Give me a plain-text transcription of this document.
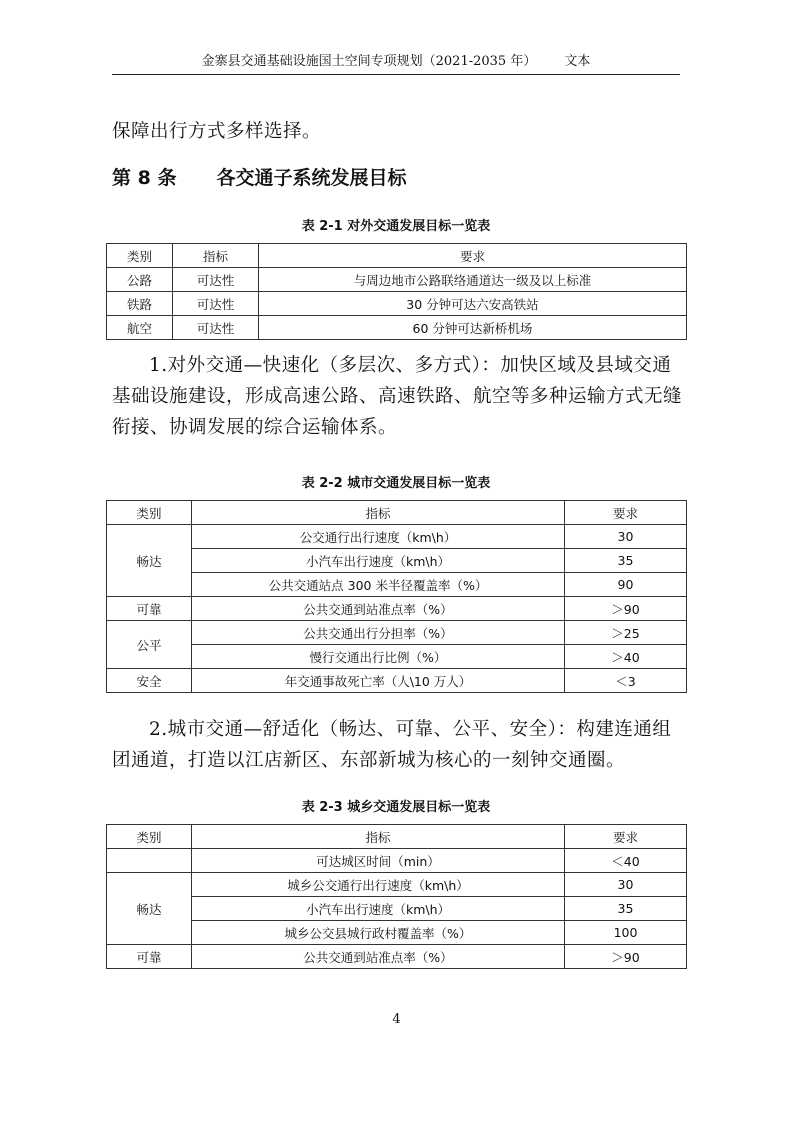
金寨县交通基础设施国土空间专项规划（2021-2035 年） 文本

保障出行方式多样选择。

第 8 条 各交通子系统发展目标
表 2-1 对外交通发展目标一览表
类别	指标	要求
公路	可达性	与周边地市公路联络通道达一级及以上标准
铁路	可达性	30 分钟可达六安高铁站
航空	可达性	60 分钟可达新桥机场

1.对外交通—快速化（多层次、多方式）：加快区域及县域交通基础设施建设，形成高速公路、高速铁路、航空等多种运输方式无缝衔接、协调发展的综合运输体系。

表 2-2 城市交通发展目标一览表
类别	指标	要求
畅达	公交通行出行速度（km\h）	30
	小汽车出行速度（km\h）	35
	公共交通站点 300 米半径覆盖率（%）	90
可靠	公共交通到站准点率（%）	＞90
公平	公共交通出行分担率（%）	＞25
	慢行交通出行比例（%）	＞40
安全	年交通事故死亡率（人\10 万人）	＜3

2.城市交通—舒适化（畅达、可靠、公平、安全）：构建连通组团通道，打造以江店新区、东部新城为核心的一刻钟交通圈。

表 2-3 城乡交通发展目标一览表
类别	指标	要求
	可达城区时间（min）	＜40
畅达	城乡公交通行出行速度（km\h）	30
	小汽车出行速度（km\h）	35
	城乡公交县城行政村覆盖率（%）	100
可靠	公共交通到站准点率（%）	＞90
4
